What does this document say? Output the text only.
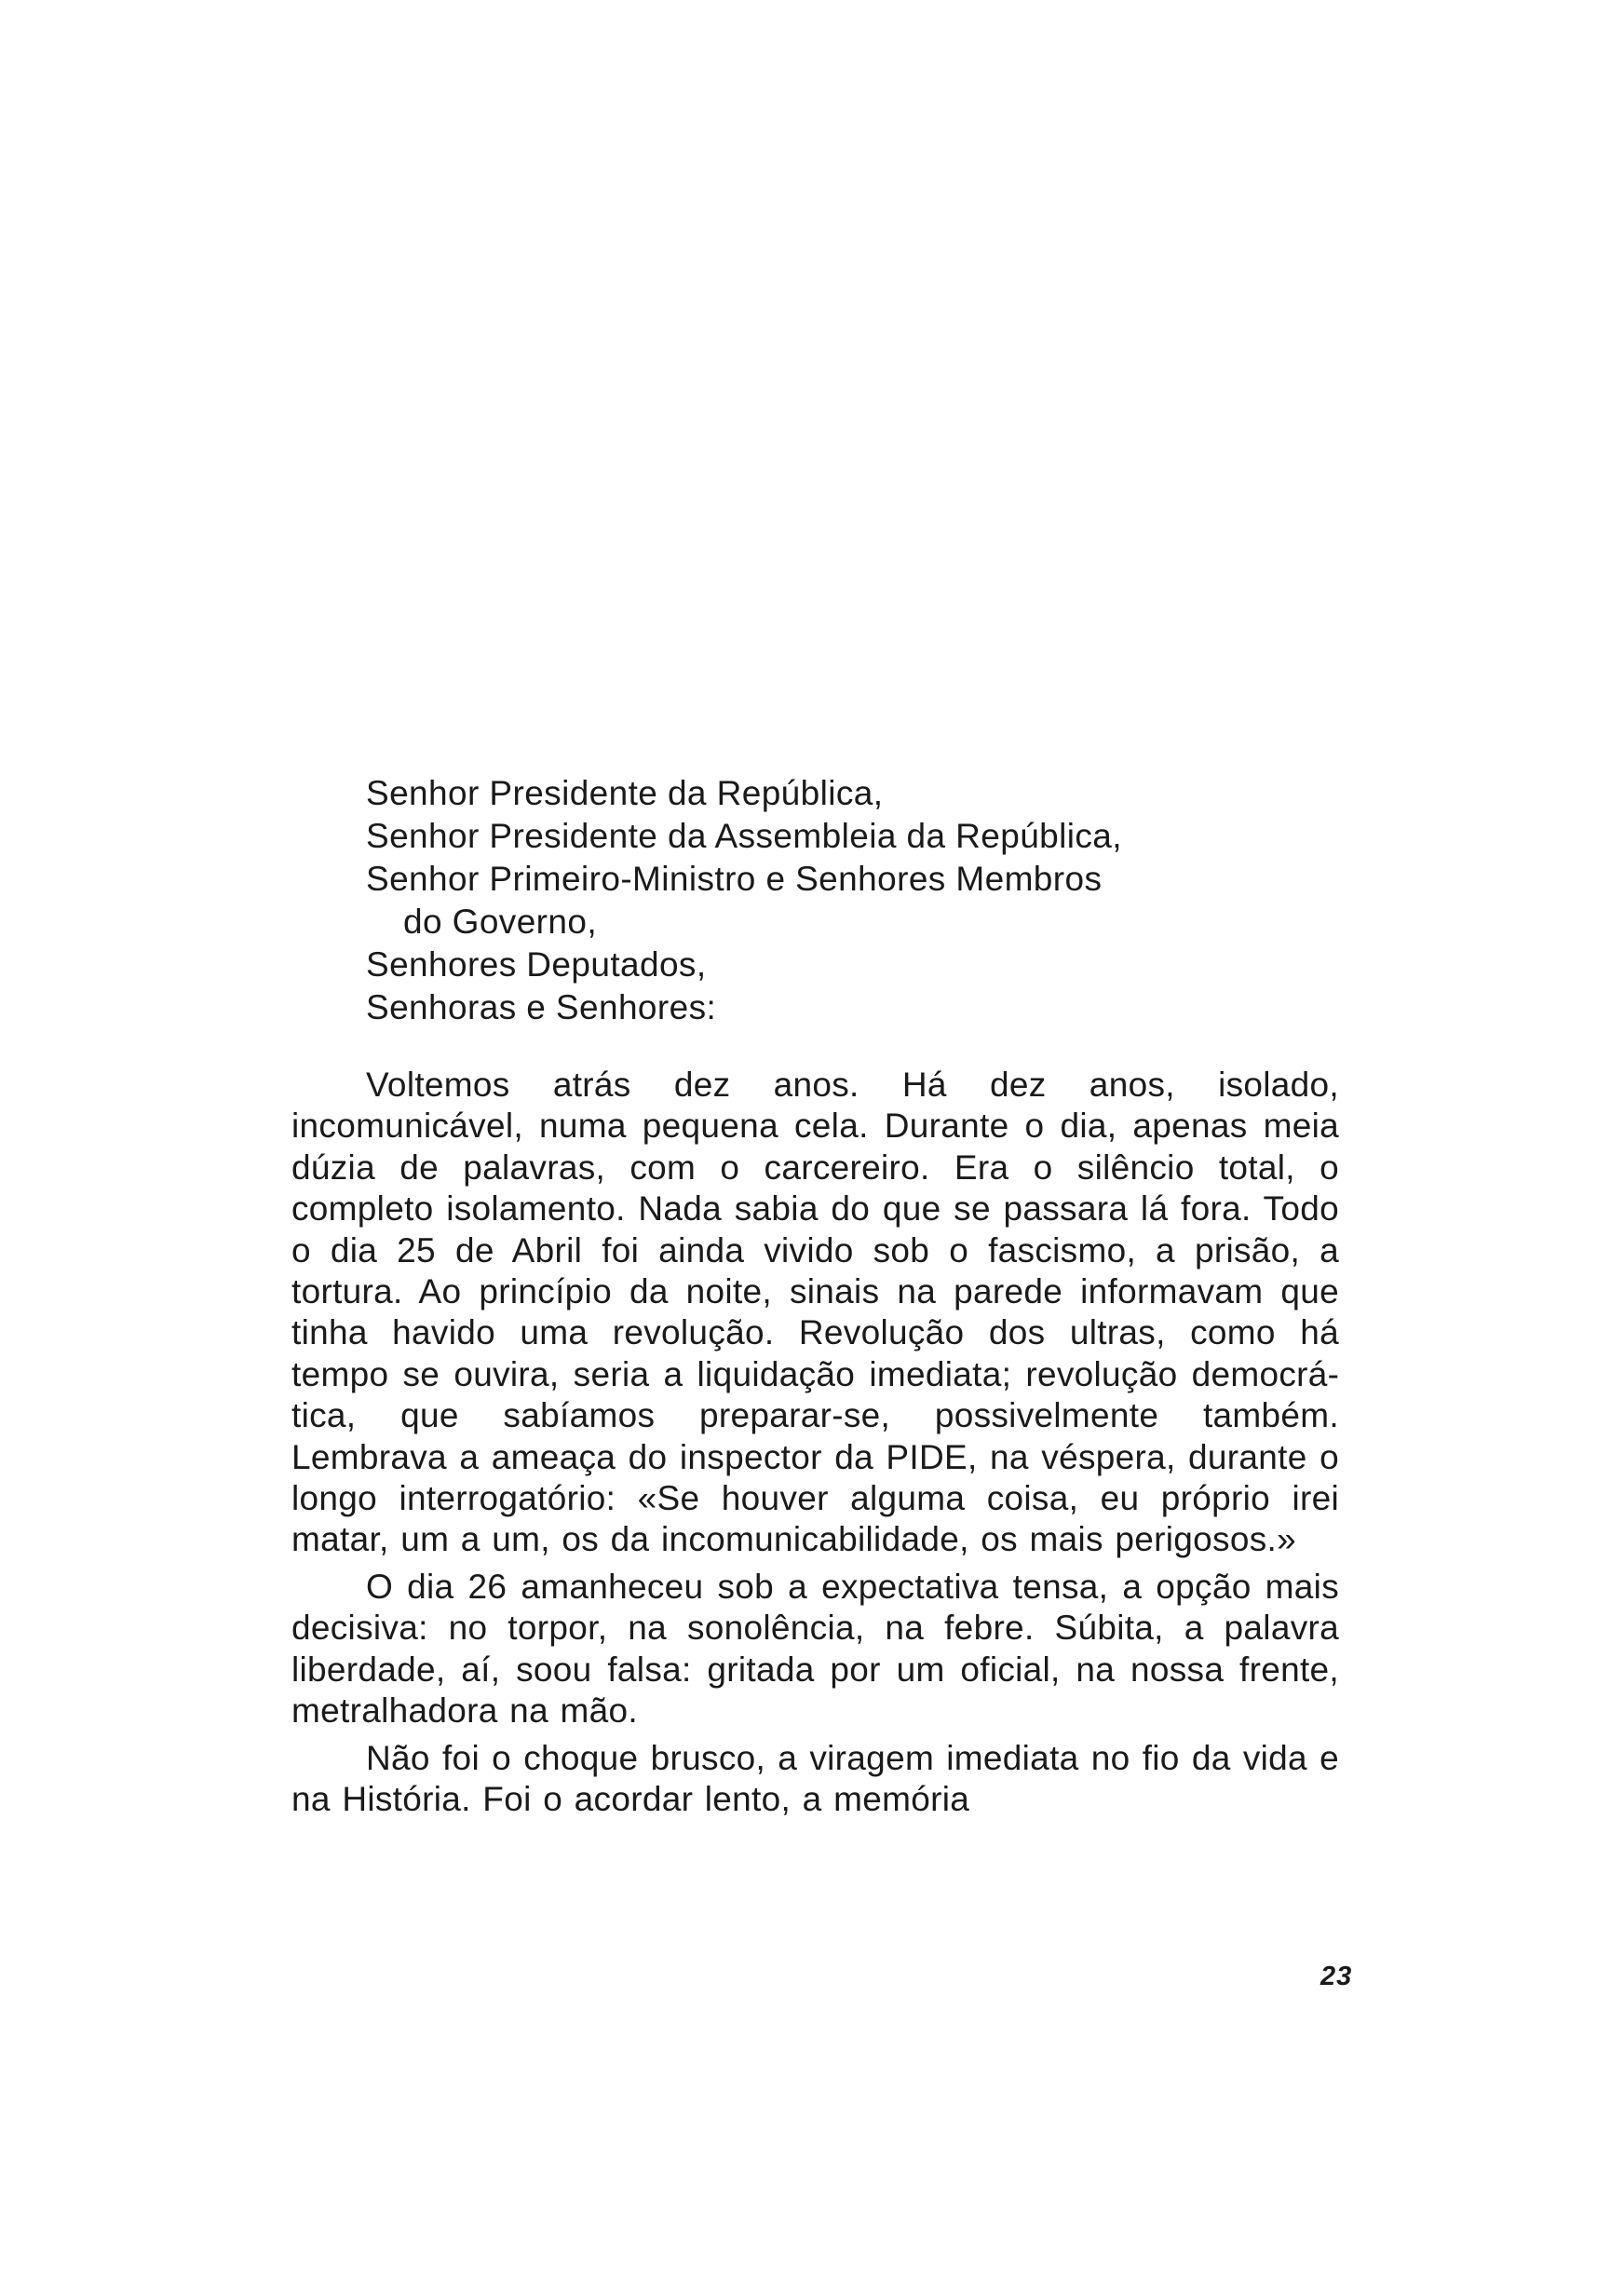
Senhor Presidente da República,
Senhor Presidente da Assembleia da República,
Senhor Primeiro-Ministro e Senhores Membros
do Governo,
Senhores Deputados,
Senhoras e Senhores:

Voltemos atrás dez anos. Há dez anos, isolado, incomunicável, numa pequena cela. Durante o dia, apenas meia dúzia de palavras, com o carcereiro. Era o silêncio total, o completo isolamento. Nada sabia do que se passara lá fora. Todo o dia 25 de Abril foi ainda vivido sob o fascismo, a prisão, a tortura. Ao princípio da noite, sinais na parede informavam que tinha havido uma revolução. Revolução dos ultras, como há tempo se ouvira, seria a liquidação imediata; revolução democrática, que sabíamos preparar-se, possivelmente também. Lembrava a ameaça do inspector da PIDE, na véspera, durante o longo interrogatório: «Se houver alguma coisa, eu próprio irei matar, um a um, os da incomunicabilidade, os mais perigosos.»

O dia 26 amanheceu sob a expectativa tensa, a opção mais decisiva: no torpor, na sonolência, na febre. Súbita, a palavra liberdade, aí, soou falsa: gritada por um oficial, na nossa frente, metralhadora na mão.

Não foi o choque brusco, a viragem imediata no fio da vida e na História. Foi o acordar lento, a memória

23
